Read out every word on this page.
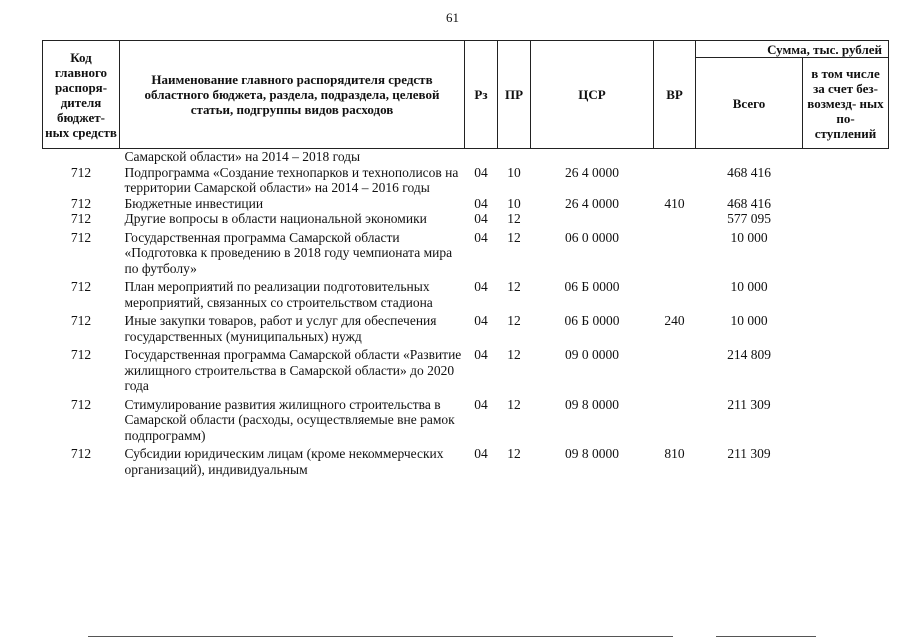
61
Код главного распоря- дителя бюджет- ных средств	Наименование главного распорядителя средств областного бюджета, раздела, подраздела, целевой статьи, подгруппы видов расходов	Рз	ПР	ЦСР	ВР	Сумма, тыс. рублей	
						Всего	в том числе за счет без- возмезд- ных по- ступлений
	Самарской области» на 2014 – 2018 годы						
712	Подпрограмма «Создание технопарков и технополисов на территории Самарской области» на 2014 – 2016 годы	04	10	26 4 0000		468 416	
712	Бюджетные инвестиции	04	10	26 4 0000	410	468 416	
712	Другие вопросы в области национальной экономики	04	12			577 095	
712	Государственная программа Самарской области «Подготовка к проведению в 2018 году чемпионата мира по футболу»	04	12	06 0 0000		10 000	
712	План мероприятий по реализации подготовительных мероприятий, связанных со строительством стадиона	04	12	06 Б 0000		10 000	
712	Иные закупки товаров, работ и услуг для обеспечения государственных (муниципальных) нужд	04	12	06 Б 0000	240	10 000	
712	Государственная программа Самарской области «Развитие жилищного строительства в Самарской области» до 2020 года	04	12	09 0 0000		214 809	
712	Стимулирование развития жилищного строительства в Самарской области (расходы, осуществляемые вне рамок подпрограмм)	04	12	09 8 0000		211 309	
712	Субсидии юридическим лицам (кроме некоммерческих организаций), индивидуальным	04	12	09 8 0000	810	211 309	
